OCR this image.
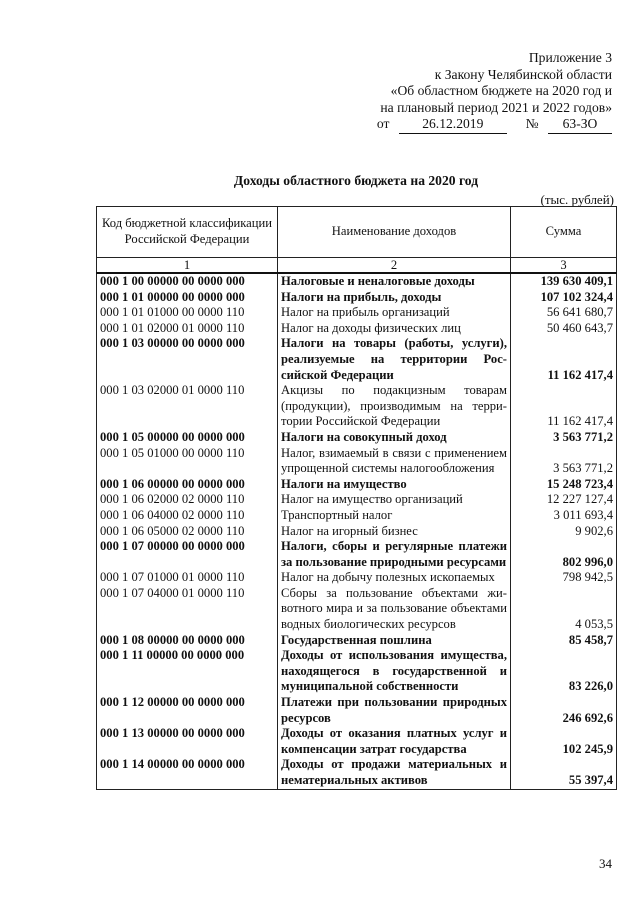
Приложение 3
к Закону Челябинской области
«Об областном бюджете на 2020 год и
на плановый период 2021 и 2022 годов»
от 26.12.2019	№ 63-ЗО
Доходы областного бюджета на 2020 год
(тыс. рублей)
Код бюджетной классификации Российской Федерации	Наименование доходов	Сумма
1	2	3
000 1 00 00000 00 0000 000	Налоговые и неналоговые доходы	139 630 409,1
000 1 01 00000 00 0000 000	Налоги на прибыль, доходы	107 102 324,4
000 1 01 01000 00 0000 110	Налог на прибыль организаций	56 641 680,7
000 1 01 02000 01 0000 110	Налог на доходы физических лиц	50 460 643,7
000 1 03 00000 00 0000 000	Налоги на товары (работы, услуги), реализуемые на территории Российской Федерации	11 162 417,4
000 1 03 02000 01 0000 110	Акцизы по подакцизным товарам (продукции), производимым на территории Российской Федерации	11 162 417,4
000 1 05 00000 00 0000 000	Налоги на совокупный доход	3 563 771,2
000 1 05 01000 00 0000 110	Налог, взимаемый в связи с применением упрощенной системы налогообложения	3 563 771,2
000 1 06 00000 00 0000 000	Налоги на имущество	15 248 723,4
000 1 06 02000 02 0000 110	Налог на имущество организаций	12 227 127,4
000 1 06 04000 02 0000 110	Транспортный налог	3 011 693,4
000 1 06 05000 02 0000 110	Налог на игорный бизнес	9 902,6
000 1 07 00000 00 0000 000	Налоги, сборы и регулярные платежи за пользование природными ресурсами	802 996,0
000 1 07 01000 01 0000 110	Налог на добычу полезных ископаемых	798 942,5
000 1 07 04000 01 0000 110	Сборы за пользование объектами животного мира и за пользование объектами водных биологических ресурсов	4 053,5
000 1 08 00000 00 0000 000	Государственная пошлина	85 458,7
000 1 11 00000 00 0000 000	Доходы от использования имущества, находящегося в государственной и муниципальной собственности	83 226,0
000 1 12 00000 00 0000 000	Платежи при пользовании природных ресурсов	246 692,6
000 1 13 00000 00 0000 000	Доходы от оказания платных услуг и компенсации затрат государства	102 245,9
000 1 14 00000 00 0000 000	Доходы от продажи материальных и нематериальных активов	55 397,4
34
